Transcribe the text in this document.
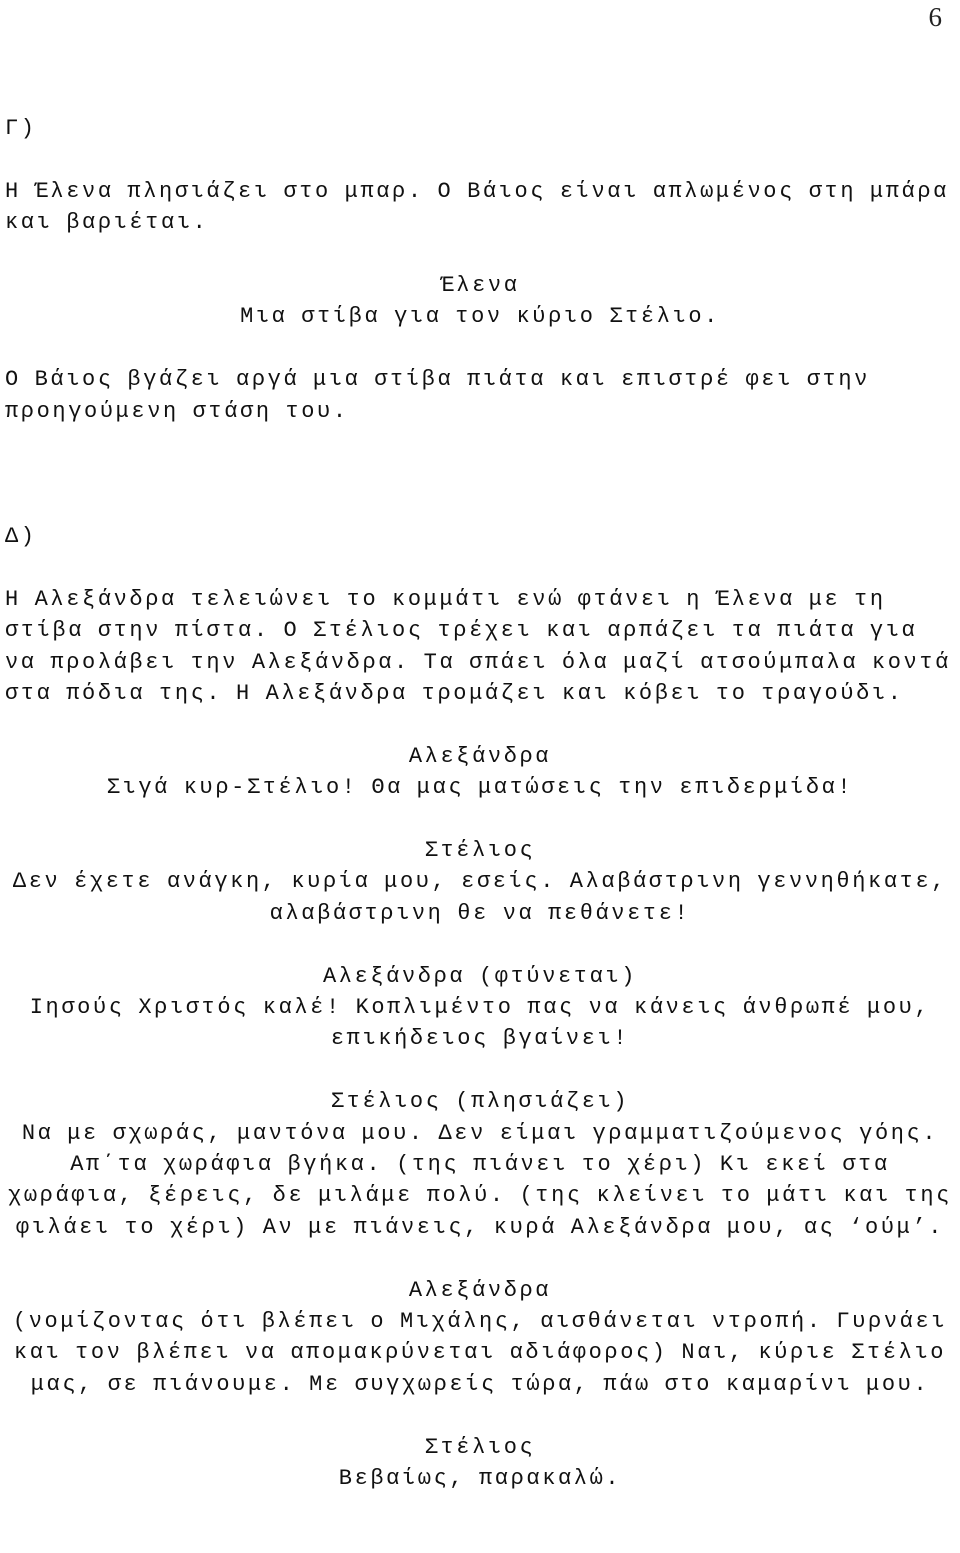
6

Γ)

Η Έλενα πλησιάζει στο μπαρ. Ο Βάιος είναι απλωμένος στη μπάρα και βαριέται.

Έλενα

Μια στίβα για τον κύριο Στέλιο.

Ο Βάιος βγάζει αργά μια στίβα πιάτα και επιστρέ φει στην προηγούμενη στάση του.

Δ)

Η Αλεξάνδρα τελειώνει το κομμάτι ενώ φτάνει η Έλενα με τη στίβα στην πίστα. Ο Στέλιος τρέχει και αρπάζει τα πιάτα για να προλάβει την Αλεξάνδρα. Τα σπάει όλα μαζί ατσούμπαλα κοντά στα πόδια της. Η Αλεξάνδρα τρομάζει και κόβει το τραγούδι.

Αλεξάνδρα

Σιγά κυρ-Στέλιο! Θα μας ματώσεις την επιδερμίδα!

Στέλιος

Δεν έχετε ανάγκη, κυρία μου, εσείς. Αλαβάστρινη γεννηθήκατε, αλαβάστρινη θε να πεθάνετε!

Αλεξάνδρα (φτύνεται)

Ιησούς Χριστός καλέ! Κοπλιμέντο πας να κάνεις άνθρωπέ μου, επικήδειος βγαίνει!

Στέλιος (πλησιάζει)

Να με σχωράς, μαντόνα μου. Δεν είμαι γραμματιζούμενος γόης. Απ΄τα χωράφια βγήκα. (της πιάνει το χέρι) Κι εκεί στα χωράφια, ξέρεις, δε μιλάμε πολύ. (της κλείνει το μάτι και της φιλάει το χέρι) Αν με πιάνεις, κυρά Αλεξάνδρα μου, ας ‘ούμ’.

Αλεξάνδρα

(νομίζοντας ότι βλέπει ο Μιχάλης, αισθάνεται ντροπή. Γυρνάει και τον βλέπει να απομακρύνεται αδιάφορος) Ναι, κύριε Στέλιο μας, σε πιάνουμε. Με συγχωρείς τώρα, πάω στο καμαρίνι μου.

Στέλιος

Βεβαίως, παρακαλώ.
